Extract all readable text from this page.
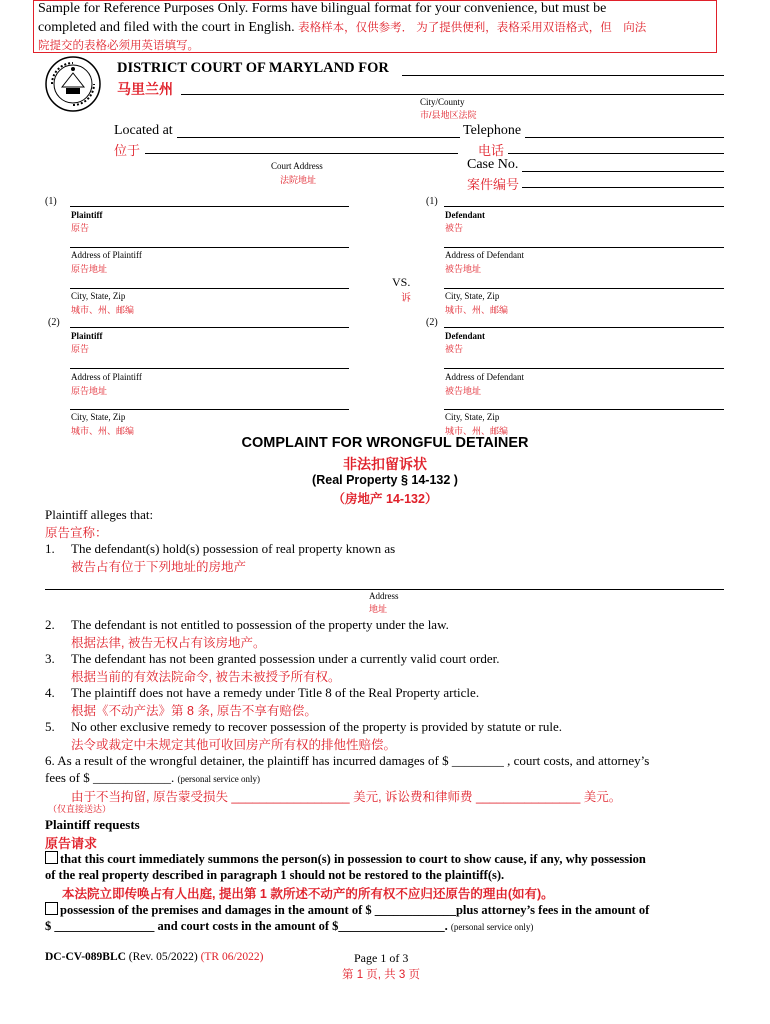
Sample for Reference Purposes Only. Forms have bilingual format for your convenience, but must be
completed and filed with the court in English. 表格样本，仅供参考． 为了提供便利，表格采用双语格式，但　向法
院提交的表格必须用英语填写。
DISTRICT COURT OF MARYLAND FOR
马里兰州
City/County
市/县地区法院
Located at
位于
Telephone
电话
Court Address
法院地址
Case No.
案件编号
(1)
Plaintiff
原告
Address of Plaintiff
原告地址
City, State, Zip
城市、州、邮编
(2)
Plaintiff
原告
Address of Plaintiff
原告地址
City, State, Zip
城市、州、邮编
VS.
诉
(1)
Defendant
被告
Address of Defendant
被告地址
City, State, Zip
城市、州、邮编
(2)
Defendant
被告
Address of Defendant
被告地址
City, State, Zip
城市、州、邮编
COMPLAINT FOR WRONGFUL DETAINER
非法扣留诉状
(Real Property § 14-132 )
（房地产 14-132）
Plaintiff alleges that:
原告宣称：
1. The defendant(s) hold(s) possession of real property known as
被告占有位于下列地址的房地产
Address
地址
2. The defendant is not entitled to possession of the property under the law.
根据法律, 被告无权占有该房地产。
3. The defendant has not been granted possession under a currently valid court order.
根据当前的有效法院命令, 被告未被授予所有权。
4. The plaintiff does not have a remedy under Title 8 of the Real Property article.
根据《不动产法》第 8 条, 原告不享有赔偿。
5. No other exclusive remedy to recover possession of the property is provided by statute or rule.
法令或裁定中未规定其他可收回房产所有权的排他性赔偿。
6. As a result of the wrongful detainer, the plaintiff has incurred damages of $ ________ , court costs, and attorney’s
fees of $ ____________. (personal service only)
由于不当拘留, 原告蒙受损失 _________________ 美元, 诉讼费和律师费 _______________ 美元。
（仅直接送达）
Plaintiff requests
原告请求
that this court immediately summons the person(s) in possession to court to show cause, if any, why possession
of the real property described in paragraph 1 should not be restored to the plaintiff(s).
本法院立即传唤占有人出庭, 提出第 1 款所述不动产的所有权不应归还原告的理由(如有)。
possession of the premises and damages in the amount of $ _____________plus attorney’s fees in the amount of
$ ________________ and court costs in the amount of $_________________. (personal service only)
DC-CV-089BLC (Rev. 05/2022) (TR 06/2022)	Page 1 of 3
第 1 页, 共 3 页
